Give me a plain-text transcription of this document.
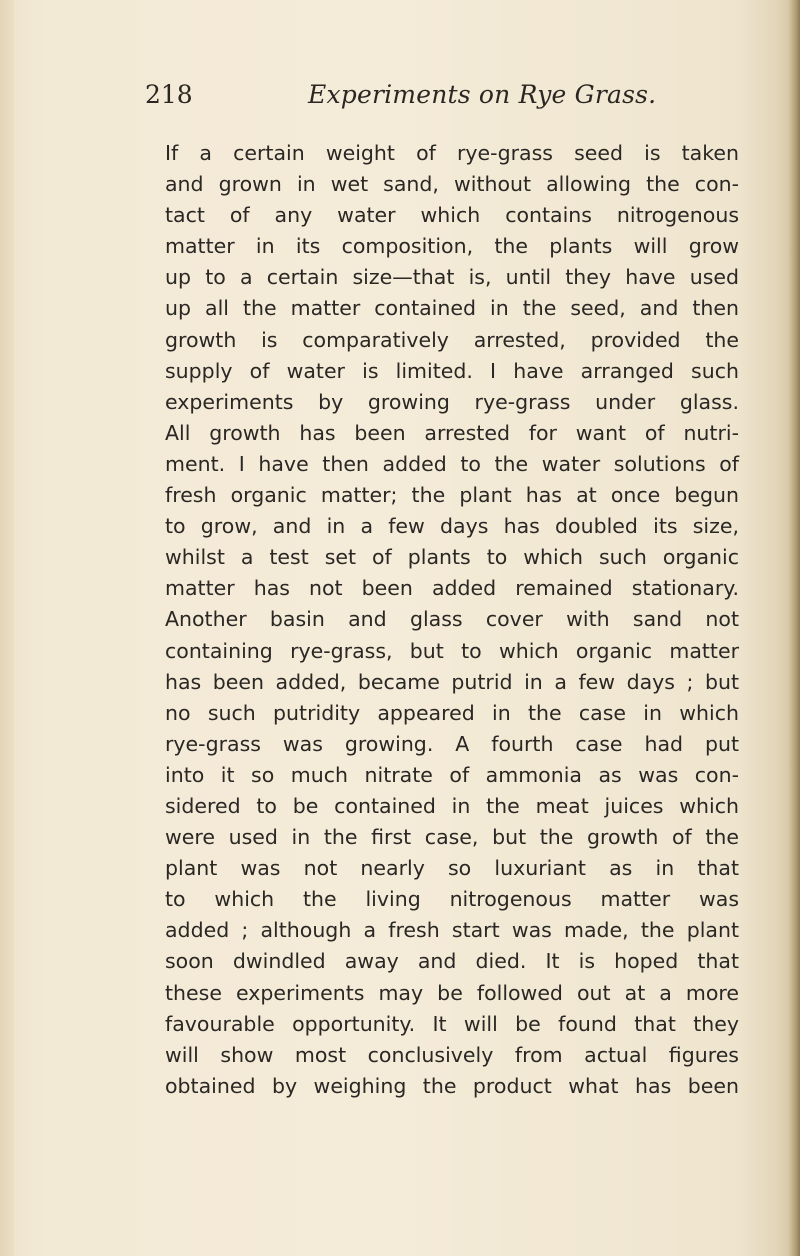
218	Experiments on Rye Grass.
If a certain weight of rye-grass seed is taken
and grown in wet sand, without allowing the con-
tact of any water which contains nitrogenous
matter in its composition, the plants will grow
up to a certain size—that is, until they have used
up all the matter contained in the seed, and then
growth is comparatively arrested, provided the
supply of water is limited. I have arranged such
experiments by growing rye-grass under glass.
All growth has been arrested for want of nutri-
ment. I have then added to the water solutions of
fresh organic matter; the plant has at once begun
to grow, and in a few days has doubled its size,
whilst a test set of plants to which such organic
matter has not been added remained stationary.
Another basin and glass cover with sand not
containing rye-grass, but to which organic matter
has been added, became putrid in a few days ; but
no such putridity appeared in the case in which
rye-grass was growing. A fourth case had put
into it so much nitrate of ammonia as was con-
sidered to be contained in the meat juices which
were used in the first case, but the growth of the
plant was not nearly so luxuriant as in that
to which the living nitrogenous matter was
added ; although a fresh start was made, the plant
soon dwindled away and died. It is hoped that
these experiments may be followed out at a more
favourable opportunity. It will be found that they
will show most conclusively from actual figures
obtained by weighing the product what has been
